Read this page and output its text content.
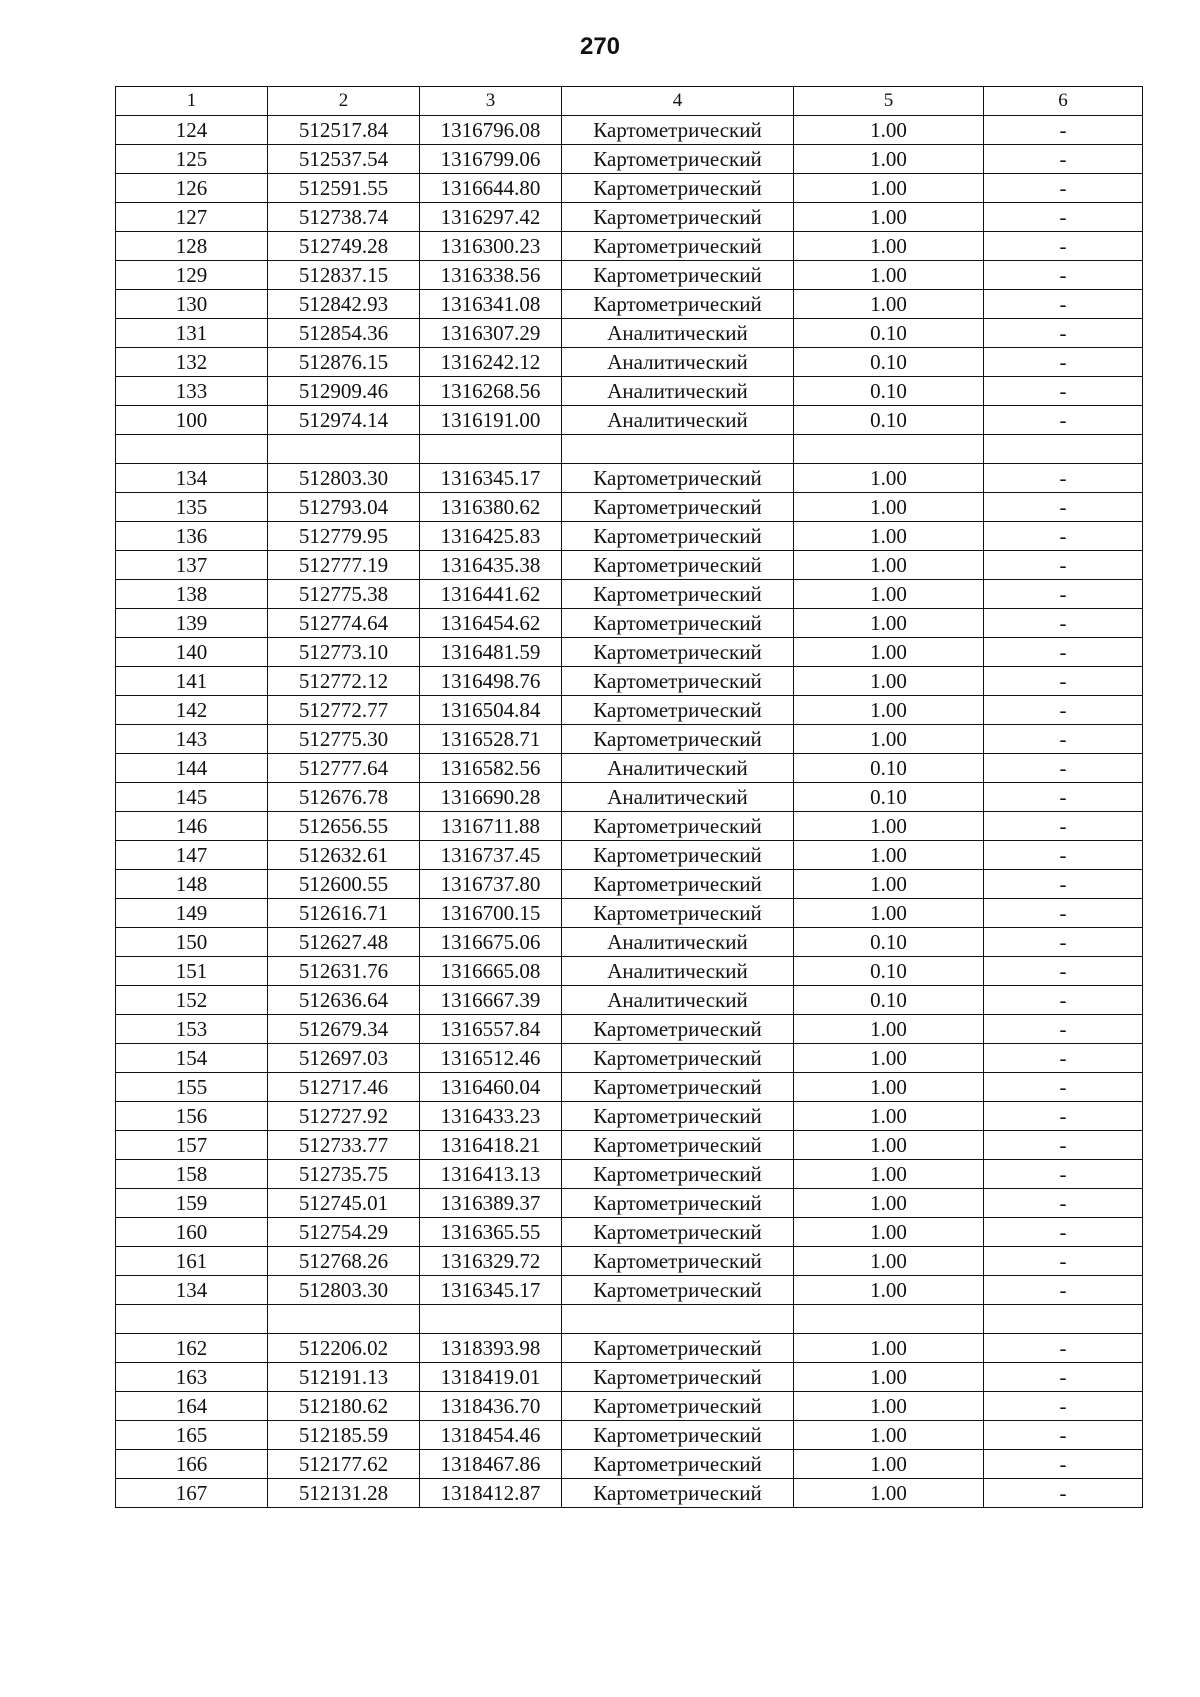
270
1	2	3	4	5	6
124	512517.84	1316796.08	Картометрический	1.00	-
125	512537.54	1316799.06	Картометрический	1.00	-
126	512591.55	1316644.80	Картометрический	1.00	-
127	512738.74	1316297.42	Картометрический	1.00	-
128	512749.28	1316300.23	Картометрический	1.00	-
129	512837.15	1316338.56	Картометрический	1.00	-
130	512842.93	1316341.08	Картометрический	1.00	-
131	512854.36	1316307.29	Аналитический	0.10	-
132	512876.15	1316242.12	Аналитический	0.10	-
133	512909.46	1316268.56	Аналитический	0.10	-
100	512974.14	1316191.00	Аналитический	0.10	-

134	512803.30	1316345.17	Картометрический	1.00	-
135	512793.04	1316380.62	Картометрический	1.00	-
136	512779.95	1316425.83	Картометрический	1.00	-
137	512777.19	1316435.38	Картометрический	1.00	-
138	512775.38	1316441.62	Картометрический	1.00	-
139	512774.64	1316454.62	Картометрический	1.00	-
140	512773.10	1316481.59	Картометрический	1.00	-
141	512772.12	1316498.76	Картометрический	1.00	-
142	512772.77	1316504.84	Картометрический	1.00	-
143	512775.30	1316528.71	Картометрический	1.00	-
144	512777.64	1316582.56	Аналитический	0.10	-
145	512676.78	1316690.28	Аналитический	0.10	-
146	512656.55	1316711.88	Картометрический	1.00	-
147	512632.61	1316737.45	Картометрический	1.00	-
148	512600.55	1316737.80	Картометрический	1.00	-
149	512616.71	1316700.15	Картометрический	1.00	-
150	512627.48	1316675.06	Аналитический	0.10	-
151	512631.76	1316665.08	Аналитический	0.10	-
152	512636.64	1316667.39	Аналитический	0.10	-
153	512679.34	1316557.84	Картометрический	1.00	-
154	512697.03	1316512.46	Картометрический	1.00	-
155	512717.46	1316460.04	Картометрический	1.00	-
156	512727.92	1316433.23	Картометрический	1.00	-
157	512733.77	1316418.21	Картометрический	1.00	-
158	512735.75	1316413.13	Картометрический	1.00	-
159	512745.01	1316389.37	Картометрический	1.00	-
160	512754.29	1316365.55	Картометрический	1.00	-
161	512768.26	1316329.72	Картометрический	1.00	-
134	512803.30	1316345.17	Картометрический	1.00	-

162	512206.02	1318393.98	Картометрический	1.00	-
163	512191.13	1318419.01	Картометрический	1.00	-
164	512180.62	1318436.70	Картометрический	1.00	-
165	512185.59	1318454.46	Картометрический	1.00	-
166	512177.62	1318467.86	Картометрический	1.00	-
167	512131.28	1318412.87	Картометрический	1.00	-
